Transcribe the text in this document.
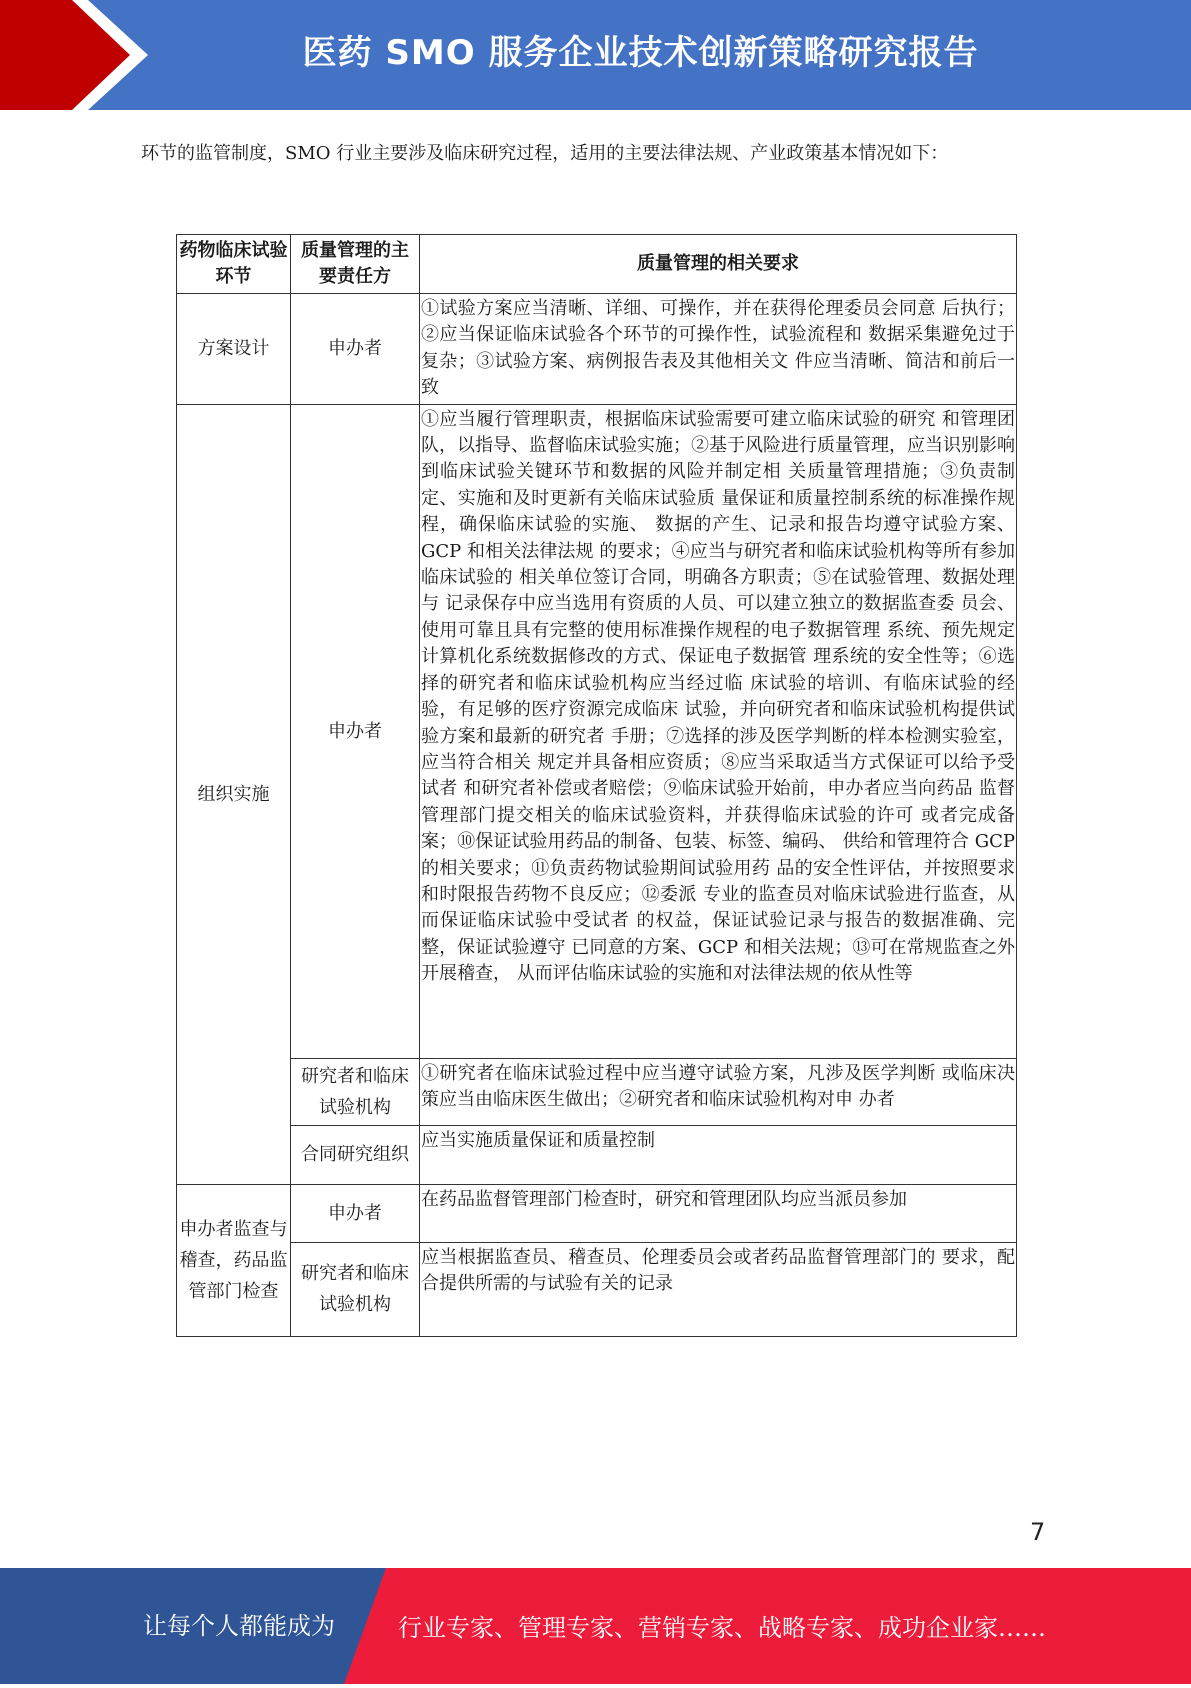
医药 SMO 服务企业技术创新策略研究报告

环节的监管制度，SMO 行业主要涉及临床研究过程，适用的主要法律法规、产业政策基本情况如下：

药物临床试验环节	质量管理的主要责任方	质量管理的相关要求
方案设计	申办者	①试验方案应当清晰、详细、可操作，并在获得伦理委员会同意 后执行；②应当保证临床试验各个环节的可操作性，试验流程和 数据采集避免过于复杂；③试验方案、病例报告表及其他相关文 件应当清晰、简洁和前后一致
组织实施	申办者	①应当履行管理职责，根据临床试验需要可建立临床试验的研究 和管理团队，以指导、监督临床试验实施；②基于风险进行质量管理，应当识别影响到临床试验关键环节和数据的风险并制定相 关质量管理措施；③负责制定、实施和及时更新有关临床试验质 量保证和质量控制系统的标准操作规程，确保临床试验的实施、 数据的产生、记录和报告均遵守试验方案、GCP 和相关法律法规 的要求；④应当与研究者和临床试验机构等所有参加临床试验的 相关单位签订合同，明确各方职责；⑤在试验管理、数据处理与 记录保存中应当选用有资质的人员、可以建立独立的数据监查委 员会、使用可靠且具有完整的使用标准操作规程的电子数据管理 系统、预先规定计算机化系统数据修改的方式、保证电子数据管 理系统的安全性等；⑥选择的研究者和临床试验机构应当经过临 床试验的培训、有临床试验的经验，有足够的医疗资源完成临床 试验，并向研究者和临床试验机构提供试验方案和最新的研究者 手册；⑦选择的涉及医学判断的样本检测实验室，应当符合相关 规定并具备相应资质；⑧应当采取适当方式保证可以给予受试者 和研究者补偿或者赔偿；⑨临床试验开始前，申办者应当向药品 监督管理部门提交相关的临床试验资料，并获得临床试验的许可 或者完成备案；⑩保证试验用药品的制备、包装、标签、编码、 供给和管理符合 GCP 的相关要求；⑪负责药物试验期间试验用药 品的安全性评估，并按照要求和时限报告药物不良反应；⑫委派 专业的监查员对临床试验进行监查，从而保证临床试验中受试者 的权益，保证试验记录与报告的数据准确、完整，保证试验遵守 已同意的方案、GCP 和相关法规；⑬可在常规监查之外开展稽查， 从而评估临床试验的实施和对法律法规的依从性等
	研究者和临床试验机构	①研究者在临床试验过程中应当遵守试验方案，凡涉及医学判断 或临床决策应当由临床医生做出；②研究者和临床试验机构对申 办者
	合同研究组织	应当实施质量保证和质量控制
申办者监查与稽查，药品监管部门检查	申办者	在药品监督管理部门检查时，研究和管理团队均应当派员参加
	研究者和临床试验机构	应当根据监查员、稽查员、伦理委员会或者药品监督管理部门的 要求，配合提供所需的与试验有关的记录
7
让每个人都能成为	行业专家、管理专家、营销专家、战略专家、成功企业家……
